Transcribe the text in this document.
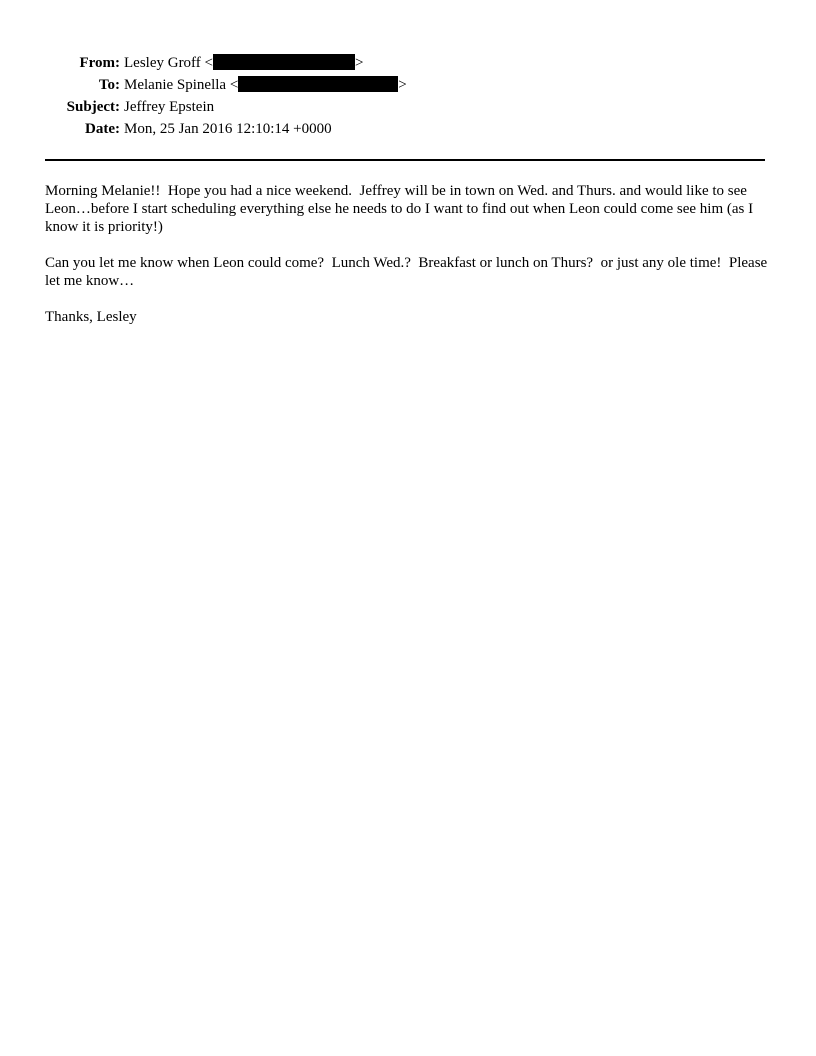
From: Lesley Groff <	>
To: Melanie Spinella <	>
Subject: Jeffrey Epstein
Date: Mon, 25 Jan 2016 12:10:14 +0000

Morning Melanie!!  Hope you had a nice weekend.  Jeffrey will be in town on Wed. and Thurs. and would like to see Leon…before I start scheduling everything else he needs to do I want to find out when Leon could come see him (as I know it is priority!)

Can you let me know when Leon could come?  Lunch Wed.?  Breakfast or lunch on Thurs?  or just any ole time!  Please let me know…

Thanks, Lesley
